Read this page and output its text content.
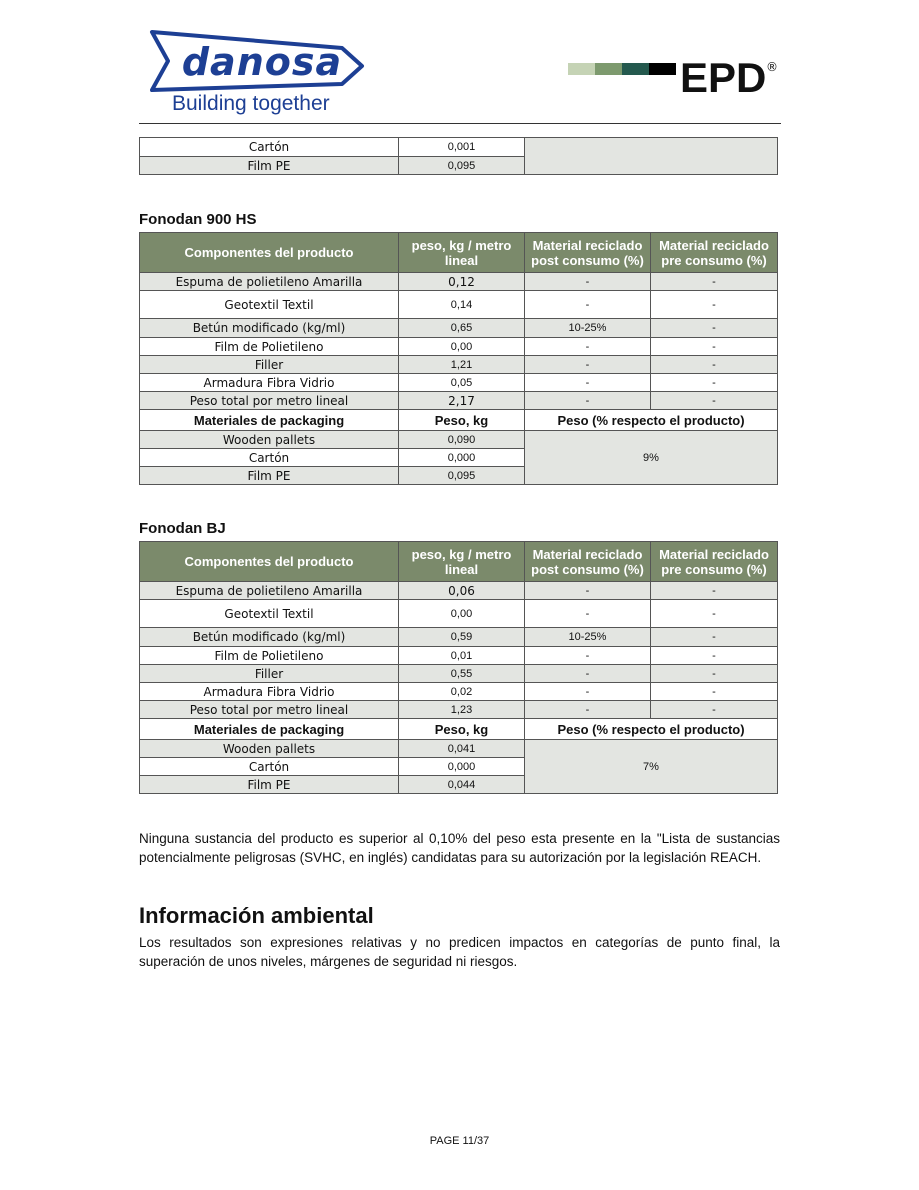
danosa
Building together
EPD ®
Cartón	0,001	
Film PE	0,095	
Fonodan 900 HS
Componentes del producto	peso, kg / metro lineal	Material reciclado post consumo (%)	Material reciclado pre consumo (%)
Espuma de polietileno Amarilla	0,12	-	-
Geotextil Textil	0,14	-	-
Betún modificado (kg/ml)	0,65	10-25%	-
Film de Polietileno	0,00	-	-
Filler	1,21	-	-
Armadura Fibra Vidrio	0,05	-	-
Peso total por metro lineal	2,17	-	-
Materiales de packaging	Peso, kg	Peso (% respecto el producto)	
Wooden pallets	0,090	9%	
Cartón	0,000		
Film PE	0,095		
Fonodan BJ
Componentes del producto	peso, kg / metro lineal	Material reciclado post consumo (%)	Material reciclado pre consumo (%)
Espuma de polietileno Amarilla	0,06	-	-
Geotextil Textil	0,00	-	-
Betún modificado (kg/ml)	0,59	10-25%	-
Film de Polietileno	0,01	-	-
Filler	0,55	-	-
Armadura Fibra Vidrio	0,02	-	-
Peso total por metro lineal	1,23	-	-
Materiales de packaging	Peso, kg	Peso (% respecto el producto)	
Wooden pallets	0,041	7%	
Cartón	0,000		
Film PE	0,044		
Ninguna sustancia del producto es superior al 0,10% del peso esta presente en la "Lista de sustancias potencialmente peligrosas (SVHC, en inglés) candidatas para su autorización por la legislación REACH.
Información ambiental
Los resultados son expresiones relativas y no predicen impactos en categorías de punto final, la superación de unos niveles, márgenes de seguridad ni riesgos.
PAGE 11/37
